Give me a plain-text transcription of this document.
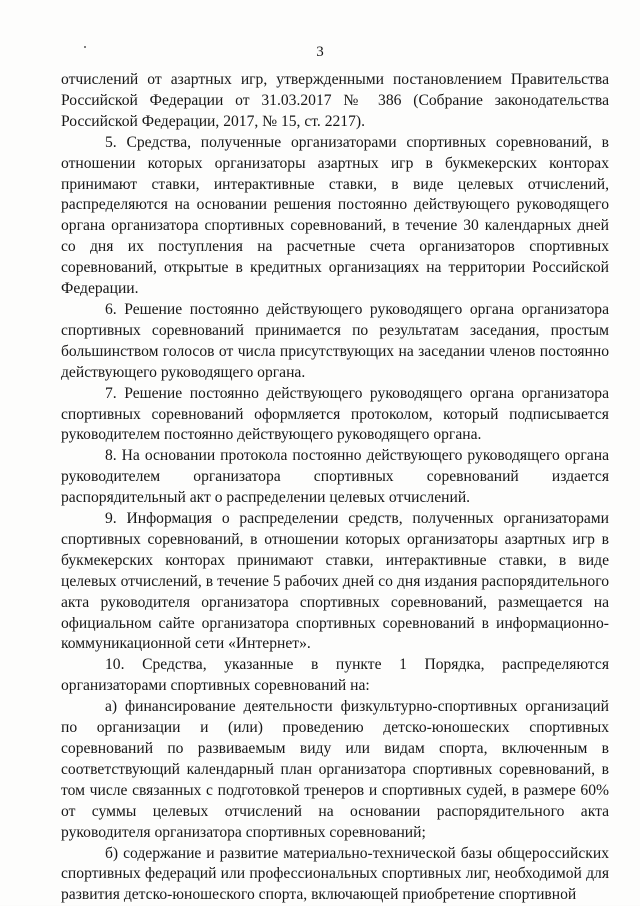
3

отчислений от азартных игр, утвержденными постановлением Правительства Российской Федерации от 31.03.2017 № 386 (Собрание законодательства Российской Федерации, 2017, № 15, ст. 2217).

5. Средства, полученные организаторами спортивных соревнований, в отношении которых организаторы азартных игр в букмекерских конторах принимают ставки, интерактивные ставки, в виде целевых отчислений, распределяются на основании решения постоянно действующего руководящего органа организатора спортивных соревнований, в течение 30 календарных дней со дня их поступления на расчетные счета организаторов спортивных соревнований, открытые в кредитных организациях на территории Российской Федерации.

6. Решение постоянно действующего руководящего органа организатора спортивных соревнований принимается по результатам заседания, простым большинством голосов от числа присутствующих на заседании членов постоянно действующего руководящего органа.

7. Решение постоянно действующего руководящего органа организатора спортивных соревнований оформляется протоколом, который подписывается руководителем постоянно действующего руководящего органа.

8. На основании протокола постоянно действующего руководящего органа руководителем организатора спортивных соревнований издается распорядительный акт о распределении целевых отчислений.

9. Информация о распределении средств, полученных организаторами спортивных соревнований, в отношении которых организаторы азартных игр в букмекерских конторах принимают ставки, интерактивные ставки, в виде целевых отчислений, в течение 5 рабочих дней со дня издания распорядительного акта руководителя организатора спортивных соревнований, размещается на официальном сайте организатора спортивных соревнований в информационно-коммуникационной сети «Интернет».

10. Средства, указанные в пункте 1 Порядка, распределяются организаторами спортивных соревнований на:

а) финансирование деятельности физкультурно-спортивных организаций по организации и (или) проведению детско-юношеских спортивных соревнований по развиваемым виду или видам спорта, включенным в соответствующий календарный план организатора спортивных соревнований, в том числе связанных с подготовкой тренеров и спортивных судей, в размере 60% от суммы целевых отчислений на основании распорядительного акта руководителя организатора спортивных соревнований;

б) содержание и развитие материально-технической базы общероссийских спортивных федераций или профессиональных спортивных лиг, необходимой для развития детско-юношеского спорта, включающей приобретение спортивной
